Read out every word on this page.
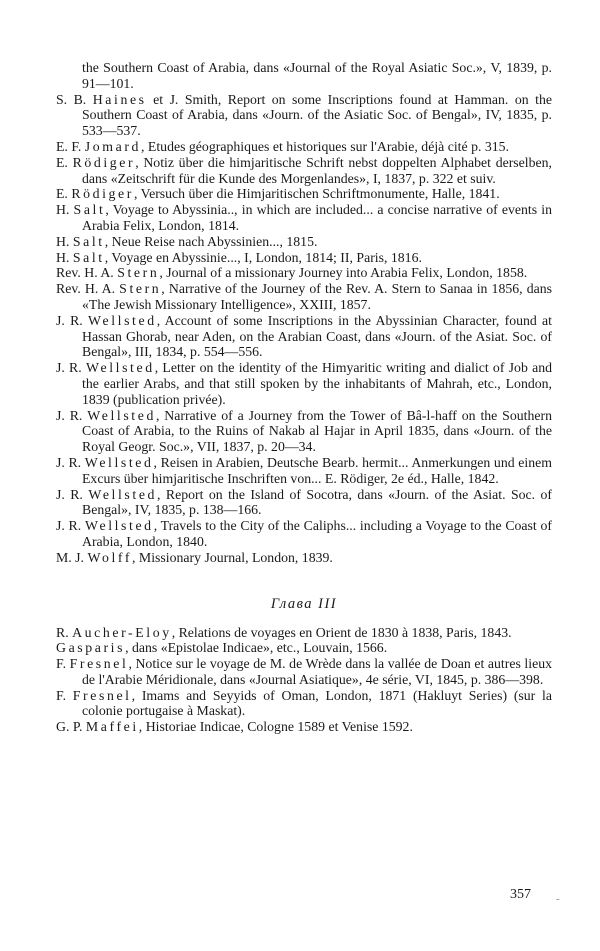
the Southern Coast of Arabia, dans «Journal of the Royal Asiatic Soc.», V, 1839, p. 91—101.

S. B. Haines et J. Smith, Report on some Inscriptions found at Hamman. on the Southern Coast of Arabia, dans «Journ. of the Asiatic Soc. of Bengal», IV, 1835, p. 533—537.

E. F. Jomard, Etudes géographiques et historiques sur l'Arabie, déjà cité p. 315.

E. Rödiger, Notiz über die himjaritische Schrift nebst doppelten Alphabet derselben, dans «Zeitschrift für die Kunde des Morgenlandes», I, 1837, p. 322 et suiv.

E. Rödiger, Versuch über die Himjaritischen Schriftmonumente, Halle, 1841.

H. Salt, Voyage to Abyssinia.., in which are included... a concise narrative of events in Arabia Felix, London, 1814.

H. Salt, Neue Reise nach Abyssinien..., 1815.

H. Salt, Voyage en Abyssinie..., I, London, 1814; II, Paris, 1816.

Rev. H. A. Stern, Journal of a missionary Journey into Arabia Felix, London, 1858.

Rev. H. A. Stern, Narrative of the Journey of the Rev. A. Stern to Sanaa in 1856, dans «The Jewish Missionary Intelligence», XXIII, 1857.

J. R. Wellsted, Account of some Inscriptions in the Abyssinian Character, found at Hassan Ghorab, near Aden, on the Arabian Coast, dans «Journ. of the Asiat. Soc. of Bengal», III, 1834, p. 554—556.

J. R. Wellsted, Letter on the identity of the Himyaritic writing and dialict of Job and the earlier Arabs, and that still spoken by the inhabitants of Mahrah, etc., London, 1839 (publication privée).

J. R. Wellsted, Narrative of a Journey from the Tower of Bâ-l-haff on the Southern Coast of Arabia, to the Ruins of Nakab al Hajar in April 1835, dans «Journ. of the Royal Geogr. Soc.», VII, 1837, p. 20—34.

J. R. Wellsted, Reisen in Arabien, Deutsche Bearb. hermit... Anmerkungen und einem Excurs über himjaritische Inschriften von... E. Rödiger, 2e éd., Halle, 1842.

J. R. Wellsted, Report on the Island of Socotra, dans «Journ. of the Asiat. Soc. of Bengal», IV, 1835, p. 138—166.

J. R. Wellsted, Travels to the City of the Caliphs... including a Voyage to the Coast of Arabia, London, 1840.

M. J. Wolff, Missionary Journal, London, 1839.

Глава III

R. Aucher-Eloy, Relations de voyages en Orient de 1830 à 1838, Paris, 1843.

Gasparis, dans «Epistolae Indicae», etc., Louvain, 1566.

F. Fresnel, Notice sur le voyage de M. de Wrède dans la vallée de Doan et autres lieux de l'Arabie Méridionale, dans «Journal Asiatique», 4e série, VI, 1845, p. 386—398.

F. Fresnel, Imams and Seyyids of Oman, London, 1871 (Hakluyt Series) (sur la colonie portugaise à Maskat).

G. P. Maffei, Historiae Indicae, Cologne 1589 et Venise 1592.

357 -
